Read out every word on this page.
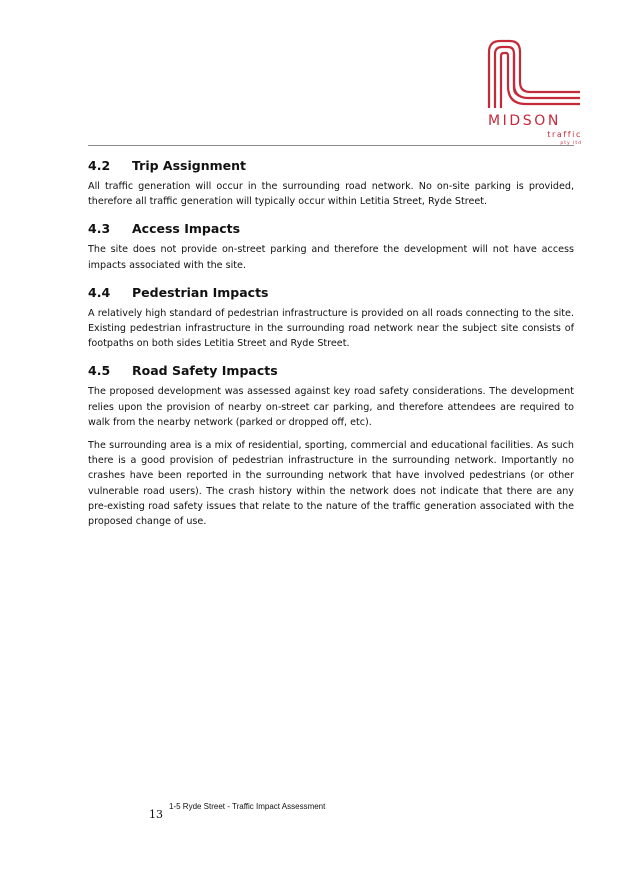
MIDSON
traffic
pty ltd
4.2	Trip Assignment

All traffic generation will occur in the surrounding road network. No on-site parking is provided, therefore all traffic generation will typically occur within Letitia Street, Ryde Street.

4.3	Access Impacts

The site does not provide on-street parking and therefore the development will not have access impacts associated with the site.

4.4	Pedestrian Impacts

A relatively high standard of pedestrian infrastructure is provided on all roads connecting to the site. Existing pedestrian infrastructure in the surrounding road network near the subject site consists of footpaths on both sides Letitia Street and Ryde Street.

4.5	Road Safety Impacts

The proposed development was assessed against key road safety considerations. The development relies upon the provision of nearby on-street car parking, and therefore attendees are required to walk from the nearby network (parked or dropped off, etc).

The surrounding area is a mix of residential, sporting, commercial and educational facilities. As such there is a good provision of pedestrian infrastructure in the surrounding network. Importantly no crashes have been reported in the surrounding network that have involved pedestrians (or other vulnerable road users). The crash history within the network does not indicate that there are any pre-existing road safety issues that relate to the nature of the traffic generation associated with the proposed change of use.

13
1-5 Ryde Street - Traffic Impact Assessment
